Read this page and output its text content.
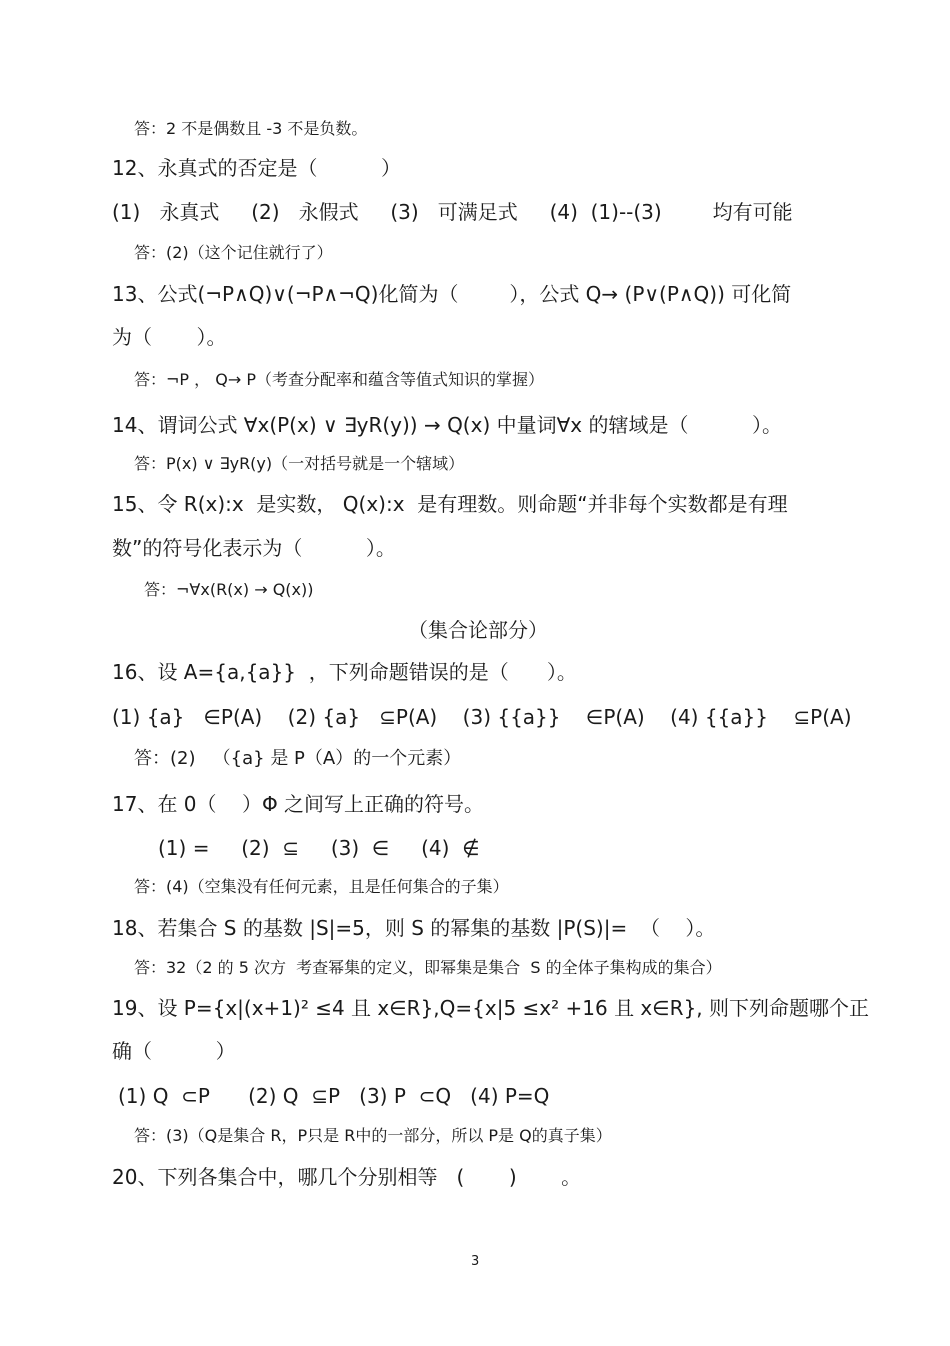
答：2 不是偶数且 -3 不是负数。
12、永真式的否定是（          ）
(1)   永真式     (2)   永假式     (3)   可满足式     (4)  (1)--(3)        均有可能
答：(2)（这个记住就行了）
13、公式(¬P∧Q)∨(¬P∧¬Q)化简为（        ），公式 Q→ (P∨(P∧Q)) 可化简
为（       ）。
答：¬P ， Q→ P（考查分配率和蕴含等值式知识的掌握）
14、谓词公式 ∀x(P(x) ∨ ∃yR(y)) → Q(x) 中量词∀x 的辖域是（          ）。
答：P(x) ∨ ∃yR(y)（一对括号就是一个辖域）
15、令 R(x):x  是实数， Q(x):x  是有理数。则命题“并非每个实数都是有理
数”的符号化表示为（          ）。
答：¬∀x(R(x) → Q(x))
（集合论部分）
16、设 A={a,{a}}  ，下列命题错误的是（      ）。
(1) {a}   ∈P(A)    (2) {a}   ⊆P(A)    (3) {{a}}    ∈P(A)    (4) {{a}}    ⊆P(A)
答：(2)   （{a} 是 P（A）的一个元素）
17、在 0（    ）Φ 之间写上正确的符号。
(1) =     (2)  ⊆     (3)  ∈     (4)  ∉
答：(4)（空集没有任何元素，且是任何集合的子集）
18、若集合 S 的基数 |S|=5，则 S 的幂集的基数 |P(S)|=  （    ）。
答：32（2 的 5 次方  考查幂集的定义，即幂集是集合  S 的全体子集构成的集合）
19、设 P={x|(x+1)² ≤4 且 x∈R},Q={x|5 ≤x² +16 且 x∈R}, 则下列命题哪个正
确（          ）
(1) Q  ⊂P      (2) Q  ⊆P   (3) P  ⊂Q   (4) P=Q
答：(3)（Q是集合 R，P只是 R中的一部分，所以 P是 Q的真子集）
20、下列各集合中，哪几个分别相等   (       )       。
3
